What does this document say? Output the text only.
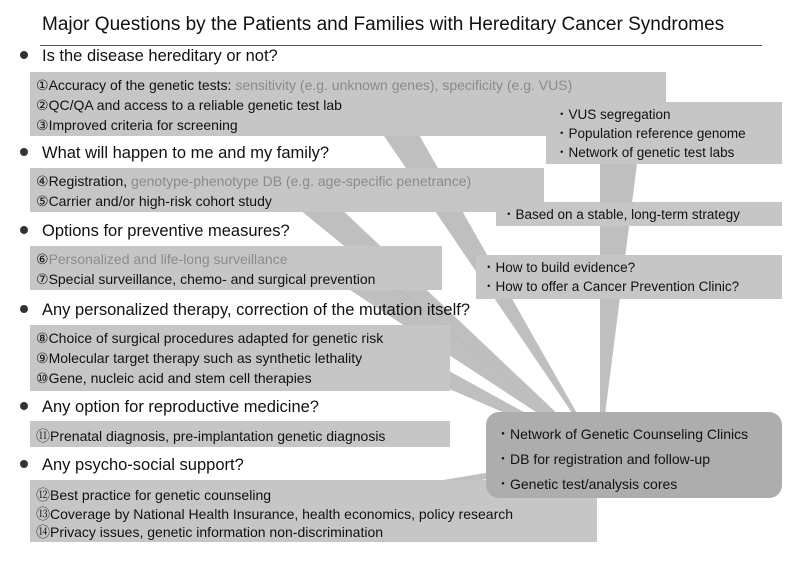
Major Questions by the Patients and Families with Hereditary Cancer Syndromes
Is the disease hereditary or not?
①Accuracy of the genetic tests: sensitivity (e.g. unknown genes), specificity (e.g. VUS)
②QC/QA and access to a reliable genetic test lab
③Improved criteria for screening
What will happen to me and my family?
④Registration, genotype-phenotype DB (e.g. age-specific penetrance)
⑤Carrier and/or high-risk cohort study
Options for preventive measures?
⑥Personalized and life-long surveillance
⑦Special surveillance, chemo- and surgical prevention
Any personalized therapy, correction of the mutation itself?
⑧Choice of surgical procedures adapted for genetic risk
⑨Molecular target therapy such as synthetic lethality
⑩Gene, nucleic acid and stem cell therapies
Any option for reproductive medicine?
⑪Prenatal diagnosis, pre-implantation genetic diagnosis
Any psycho-social support?
⑫Best practice for genetic counseling
⑬Coverage by National Health Insurance, health economics, policy research
⑭Privacy issues, genetic information non-discrimination
・VUS segregation
・Population reference genome
・Network of genetic test labs
・Based on a stable, long-term strategy
・How to build evidence?
・How to offer a Cancer Prevention Clinic?
・Network of Genetic Counseling Clinics
・DB for registration and follow-up
・Genetic test/analysis cores
